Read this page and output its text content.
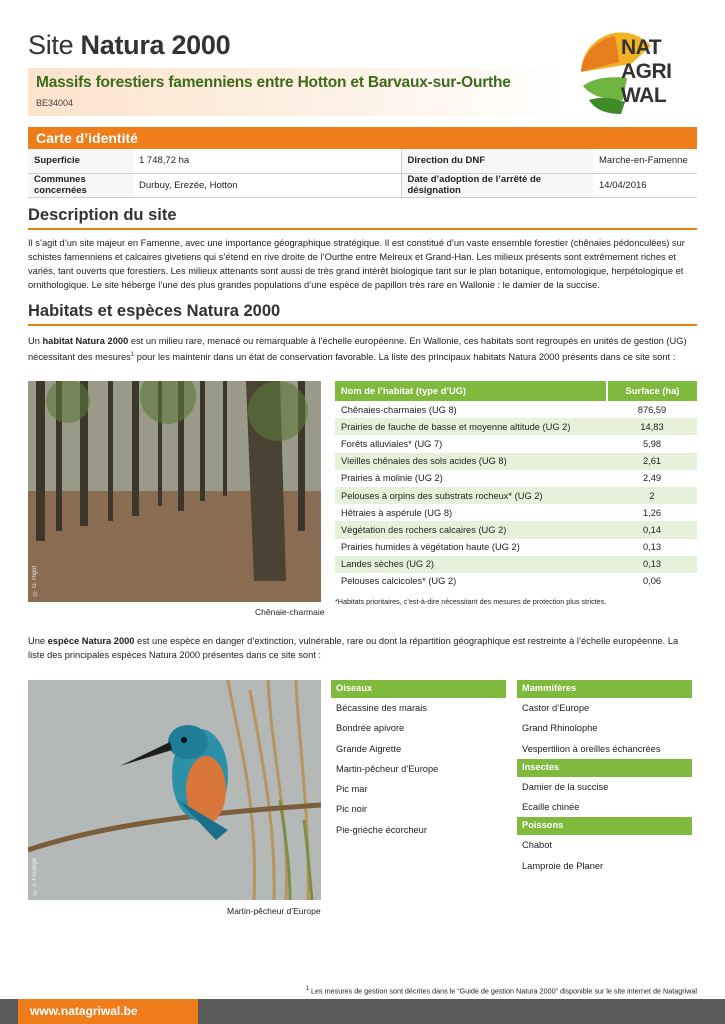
Site Natura 2000
Massifs forestiers famenniens entre Hotton et Barvaux-sur-Ourthe
BE34004
NAT
AGRI
WAL
Carte d’identité
Superficie	1 748,72 ha	Direction du DNF	Marche-en-Famenne
Communes concernées	Durbuy, Erezée, Hotton	Date d’adoption de l’arrêté de désignation	14/04/2016
Description du site
Il s’agit d’un site majeur en Famenne, avec une importance géographique stratégique. Il est constitué d’un vaste ensemble forestier (chênaies pédonculées) sur schistes famenniens et calcaires givetiens qui s’étend en rive droite de l’Ourthe entre Melreux et Grand-Han. Les milieux présents sont extrêmement riches et variés, tant ouverts que forestiers. Les milieux attenants sont aussi de très grand intérêt biologique tant sur le plan botanique, entomologique, herpétologique et ornithologique. Le site héberge l’une des plus grandes populations d’une espèce de papillon très rare en Wallonie : le damier de la succise.
Habitats et espèces Natura 2000
Un habitat Natura 2000 est un milieu rare, menacé ou remarquable à l’échelle européenne. En Wallonie, ces habitats sont regroupés en unités de gestion (UG) nécessitant des mesures$^1$ pour les maintenir dans un état de conservation favorable. La liste des principaux habitats Natura 2000 présents dans ce site sont :
© G. Rigot
Chênaie-charmaie
Nom de l’habitat (type d’UG)	Surface (ha)
Chênaies-charmaies (UG 8)	876,59
Prairies de fauche de basse et moyenne altitude (UG 2)	14,83
Forêts alluviales* (UG 7)	5,98
Vieilles chênaies des sols acides (UG 8)	2,61
Prairies à molinie (UG 2)	2,49
Pelouses à orpins des substrats rocheux* (UG 2)	2
Hêtraies à aspérule (UG 8)	1,26
Végétation des rochers calcaires (UG 2)	0,14
Prairies humides à végétation haute (UG 2)	0,13
Landes sèches (UG 2)	0,13
Pelouses calcicoles* (UG 2)	0,06
*Habitats prioritaires, c’est-à-dire nécessitant des mesures de protection plus strictes.
Une espèce Natura 2000 est une espèce en danger d’extinction, vulnérable, rare ou dont la répartition géographique est restreinte à l’échelle européenne. La liste des principales espèces Natura 2000 présentes dans ce site sont :
© J. Fouarge
Martin-pêcheur d’Europe
Oiseaux
Bécassine des marais
Bondrée apivore
Grande Aigrette
Martin-pêcheur d’Europe
Pic mar
Pic noir
Pie-grièche écorcheur
Mammifères
Castor d’Europe
Grand Rhinolophe
Vespertilion à oreilles échancrées
Insectes
Damier de la succise
Ecaille chinée
Poissons
Chabot
Lamproie de Planer
$^1$ Les mesures de gestion sont décrites dans le “Guide de gestion Natura 2000” disponible sur le site internet de Natagriwal
www.natagriwal.be
